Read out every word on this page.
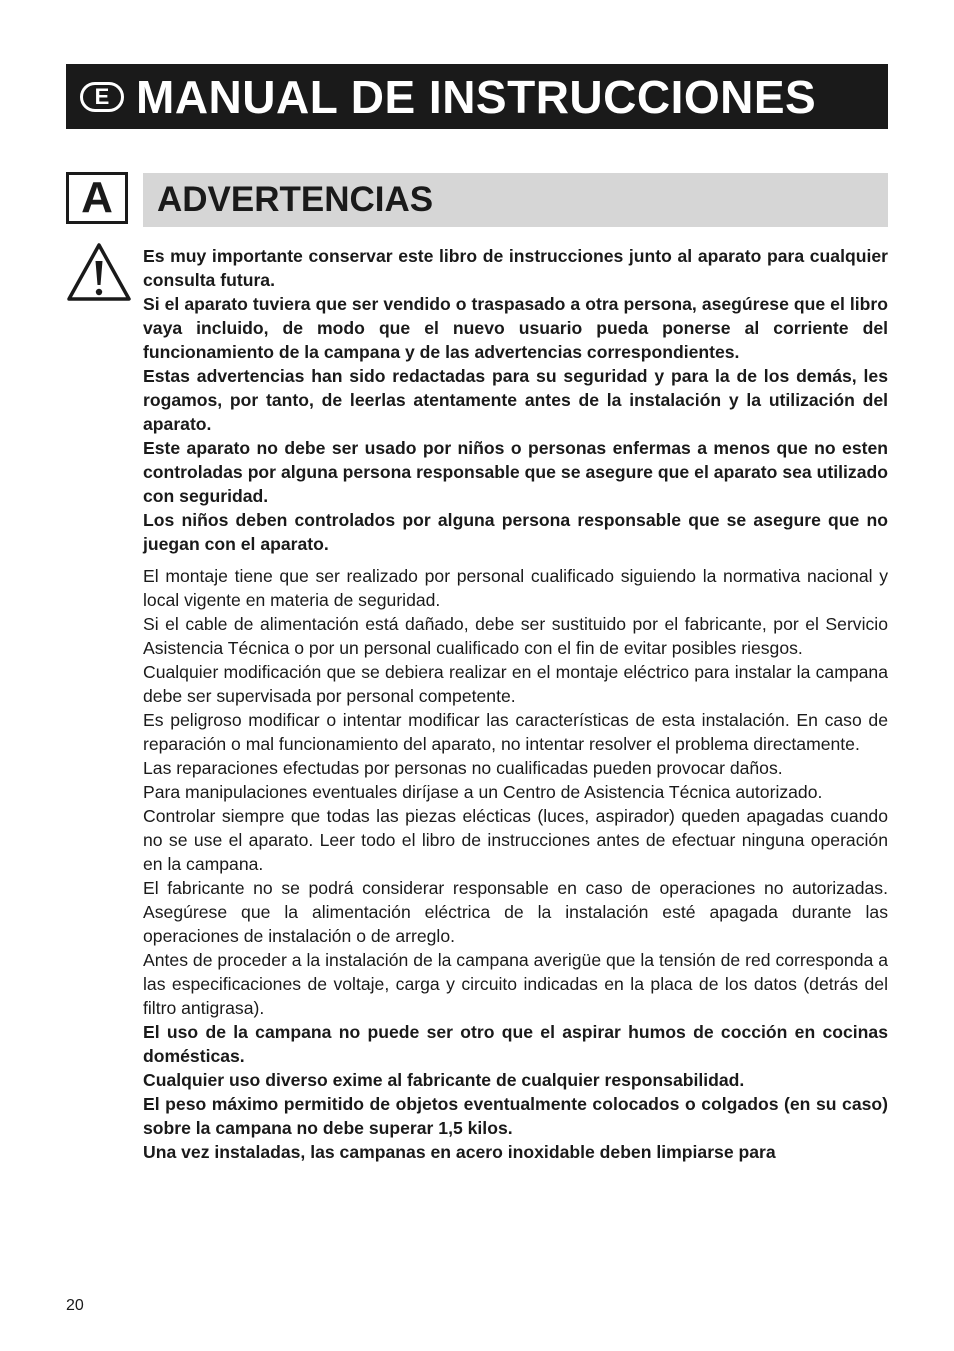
E MANUAL DE INSTRUCCIONES
A	ADVERTENCIAS

Es muy importante conservar este libro de instrucciones junto al aparato para cualquier consulta futura.

Si el aparato tuviera que ser vendido o traspasado a otra persona, asegúrese que el libro vaya incluido, de modo que el nuevo usuario pueda ponerse al corriente del funcionamiento de la campana y de las advertencias correspondientes.

Estas advertencias han sido redactadas para su seguridad y para la de los demás, les rogamos, por tanto, de leerlas atentamente antes de la instalación y la utilización del aparato.

Este aparato no debe ser usado por niños o personas enfermas a menos que no esten controladas por alguna persona responsable que se asegure que el aparato sea utilizado con seguridad.

Los niños deben controlados por alguna persona responsable que se asegure que no juegan con el aparato.

El montaje tiene que ser realizado por personal cualificado siguiendo la normativa nacional y local vigente en materia de seguridad.

Si el cable de alimentación está dañado, debe ser sustituido por el fabricante, por el Servicio Asistencia Técnica o por un personal cualificado con el fin de evitar posibles riesgos.

Cualquier modificación que se debiera realizar en el montaje eléctrico para instalar la campana debe ser supervisada por personal competente.

Es peligroso modificar o intentar modificar las características de esta instalación. En caso de reparación o mal funcionamiento del aparato, no intentar resolver el problema directamente.

Las reparaciones efectudas por personas no cualificadas pueden provocar daños.

Para manipulaciones eventuales diríjase a un Centro de Asistencia Técnica autorizado.

Controlar siempre que todas las piezas elécticas (luces, aspirador) queden apagadas cuando no se use el aparato. Leer todo el libro de instrucciones antes de efectuar ninguna operación en la campana.

El fabricante no se podrá considerar responsable en caso de operaciones no autorizadas. Asegúrese que la alimentación eléctrica de la instalación esté apagada durante las operaciones de instalación o de arreglo.

Antes de proceder a la instalación de la campana averigüe que la tensión de red corresponda a las especificaciones de voltaje, carga y circuito indicadas en la placa de los datos (detrás del filtro antigrasa).

El uso de la campana no puede ser otro que el aspirar humos de cocción en cocinas domésticas.

Cualquier uso diverso exime al fabricante de cualquier responsabilidad.

El peso máximo permitido de objetos eventualmente colocados o colgados (en su caso) sobre la campana no debe superar 1,5 kilos.

Una vez instaladas, las campanas en acero inoxidable deben limpiarse para

20
